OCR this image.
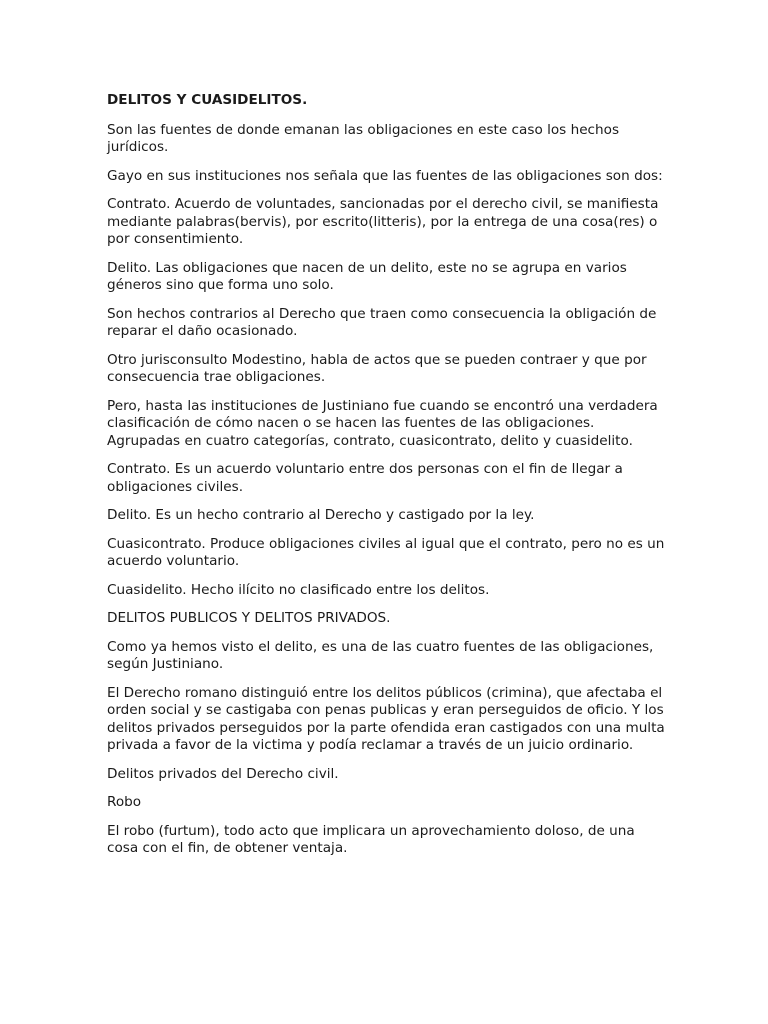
DELITOS Y CUASIDELITOS.

Son las fuentes de donde emanan las obligaciones en este caso los hechos jurídicos.

Gayo en sus instituciones nos señala que las fuentes de las obligaciones son dos:

Contrato. Acuerdo de voluntades, sancionadas por el derecho civil, se manifiesta mediante palabras(bervis), por escrito(litteris), por la entrega de una cosa(res) o por consentimiento.

Delito. Las obligaciones que nacen de un delito, este no se agrupa en varios géneros sino que forma uno solo.

Son hechos contrarios al Derecho que traen como consecuencia la obligación de reparar el daño ocasionado.

Otro jurisconsulto Modestino, habla de actos que se pueden contraer y que por consecuencia trae obligaciones.

Pero, hasta las instituciones de Justiniano fue cuando se encontró una verdadera clasificación de cómo nacen o se hacen las fuentes de las obligaciones. Agrupadas en cuatro categorías, contrato, cuasicontrato, delito y cuasidelito.

Contrato. Es un acuerdo voluntario entre dos personas con el fin de llegar a obligaciones civiles.

Delito. Es un hecho contrario al Derecho y castigado por la ley.

Cuasicontrato. Produce obligaciones civiles al igual que el contrato, pero no es un acuerdo voluntario.

Cuasidelito. Hecho ilícito no clasificado entre los delitos.

DELITOS PUBLICOS Y DELITOS PRIVADOS.

Como ya hemos visto el delito, es una de las cuatro fuentes de las obligaciones, según Justiniano.

El Derecho romano distinguió entre los delitos públicos (crimina), que afectaba el orden social y se castigaba con penas publicas y eran perseguidos de oficio. Y los delitos privados perseguidos por la parte ofendida eran castigados con una multa privada a favor de la victima y podía reclamar a través de un juicio ordinario.

Delitos privados del Derecho civil.

Robo

El robo (furtum), todo acto que implicara un aprovechamiento doloso, de una cosa con el fin, de obtener ventaja.
